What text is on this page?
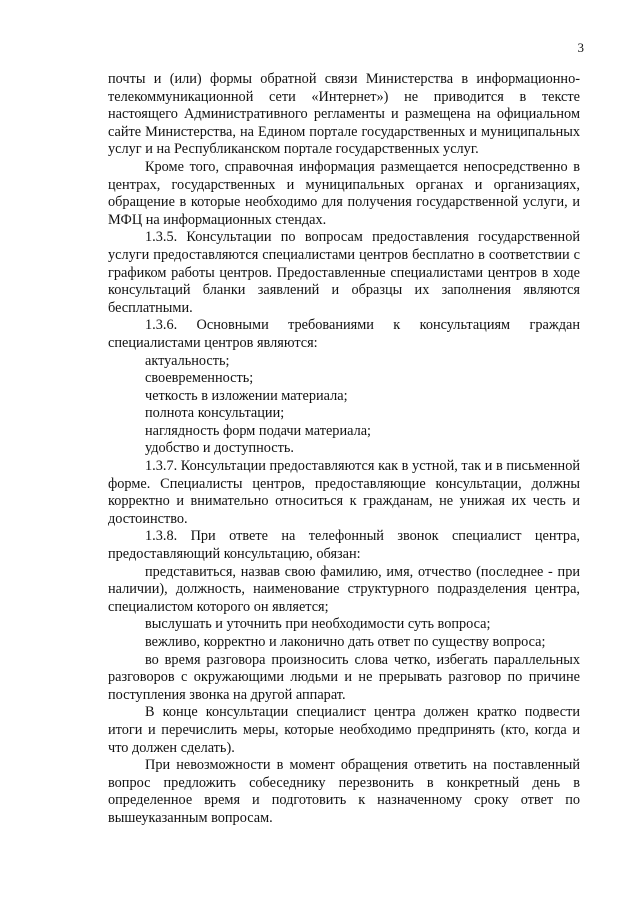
3

почты и (или) формы обратной связи Министерства в информационно-телекоммуникационной сети «Интернет») не приводится в тексте настоящего Административного регламенты и размещена на официальном сайте Министерства, на Едином портале государственных и муниципальных услуг и на Республиканском портале государственных услуг.

Кроме того, справочная информация размещается непосредственно в центрах, государственных и муниципальных органах и организациях, обращение в которые необходимо для получения государственной услуги, и МФЦ на информационных стендах.

1.3.5. Консультации по вопросам предоставления государственной услуги предоставляются специалистами центров бесплатно в соответствии с графиком работы центров. Предоставленные специалистами центров в ходе консультаций бланки заявлений и образцы их заполнения являются бесплатными.

1.3.6. Основными требованиями к консультациям граждан специалистами центров являются:

актуальность;

своевременность;

четкость в изложении материала;

полнота консультации;

наглядность форм подачи материала;

удобство и доступность.

1.3.7. Консультации предоставляются как в устной, так и в письменной форме. Специалисты центров, предоставляющие консультации, должны корректно и внимательно относиться к гражданам, не унижая их честь и достоинство.

1.3.8. При ответе на телефонный звонок специалист центра, предоставляющий консультацию, обязан:

представиться, назвав свою фамилию, имя, отчество (последнее - при наличии), должность, наименование структурного подразделения центра, специалистом которого он является;

выслушать и уточнить при необходимости суть вопроса;

вежливо, корректно и лаконично дать ответ по существу вопроса;

во время разговора произносить слова четко, избегать параллельных разговоров с окружающими людьми и не прерывать разговор по причине поступления звонка на другой аппарат.

В конце консультации специалист центра должен кратко подвести итоги и перечислить меры, которые необходимо предпринять (кто, когда и что должен сделать).

При невозможности в момент обращения ответить на поставленный вопрос предложить собеседнику перезвонить в конкретный день в определенное время и подготовить к назначенному сроку ответ по вышеуказанным вопросам.
